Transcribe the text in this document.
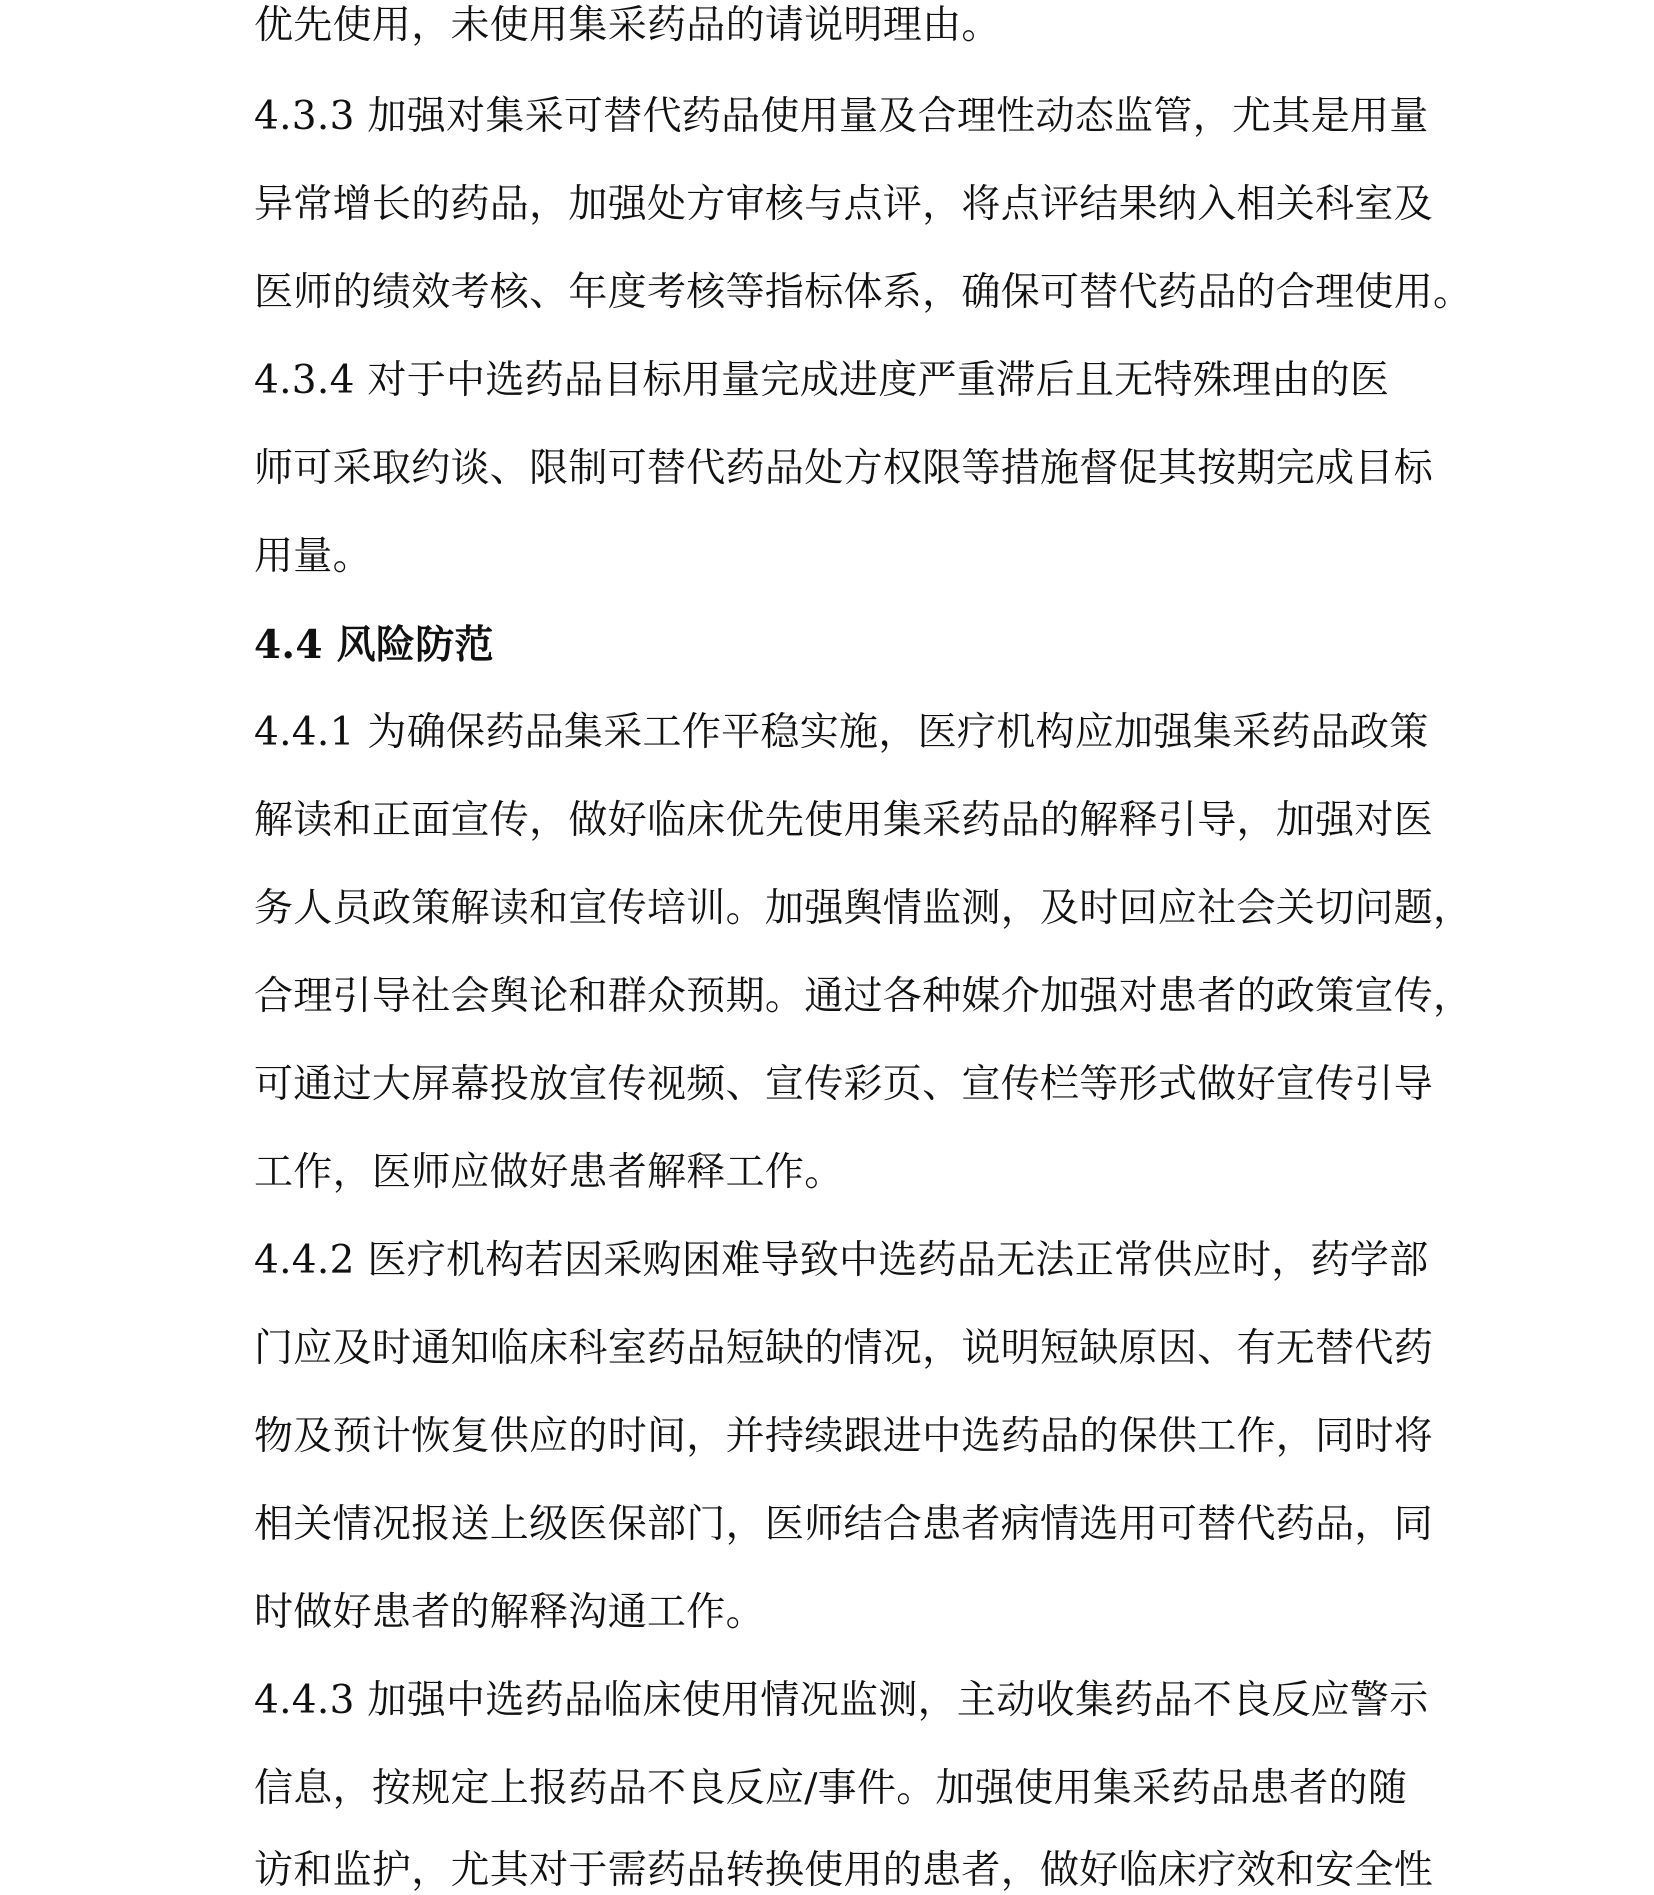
优先使用，未使用集采药品的请说明理由。
4.3.3 加强对集采可替代药品使用量及合理性动态监管，尤其是用量
异常增长的药品，加强处方审核与点评，将点评结果纳入相关科室及
医师的绩效考核、年度考核等指标体系，确保可替代药品的合理使用。
4.3.4 对于中选药品目标用量完成进度严重滞后且无特殊理由的医
师可采取约谈、限制可替代药品处方权限等措施督促其按期完成目标
用量。
4.4 风险防范
4.4.1 为确保药品集采工作平稳实施，医疗机构应加强集采药品政策
解读和正面宣传，做好临床优先使用集采药品的解释引导，加强对医
务人员政策解读和宣传培训。加强舆情监测，及时回应社会关切问题，
合理引导社会舆论和群众预期。通过各种媒介加强对患者的政策宣传，
可通过大屏幕投放宣传视频、宣传彩页、宣传栏等形式做好宣传引导
工作，医师应做好患者解释工作。
4.4.2 医疗机构若因采购困难导致中选药品无法正常供应时，药学部
门应及时通知临床科室药品短缺的情况，说明短缺原因、有无替代药
物及预计恢复供应的时间，并持续跟进中选药品的保供工作，同时将
相关情况报送上级医保部门，医师结合患者病情选用可替代药品，同
时做好患者的解释沟通工作。
4.4.3 加强中选药品临床使用情况监测，主动收集药品不良反应警示
信息，按规定上报药品不良反应/事件。加强使用集采药品患者的随
访和监护，尤其对于需药品转换使用的患者，做好临床疗效和安全性
